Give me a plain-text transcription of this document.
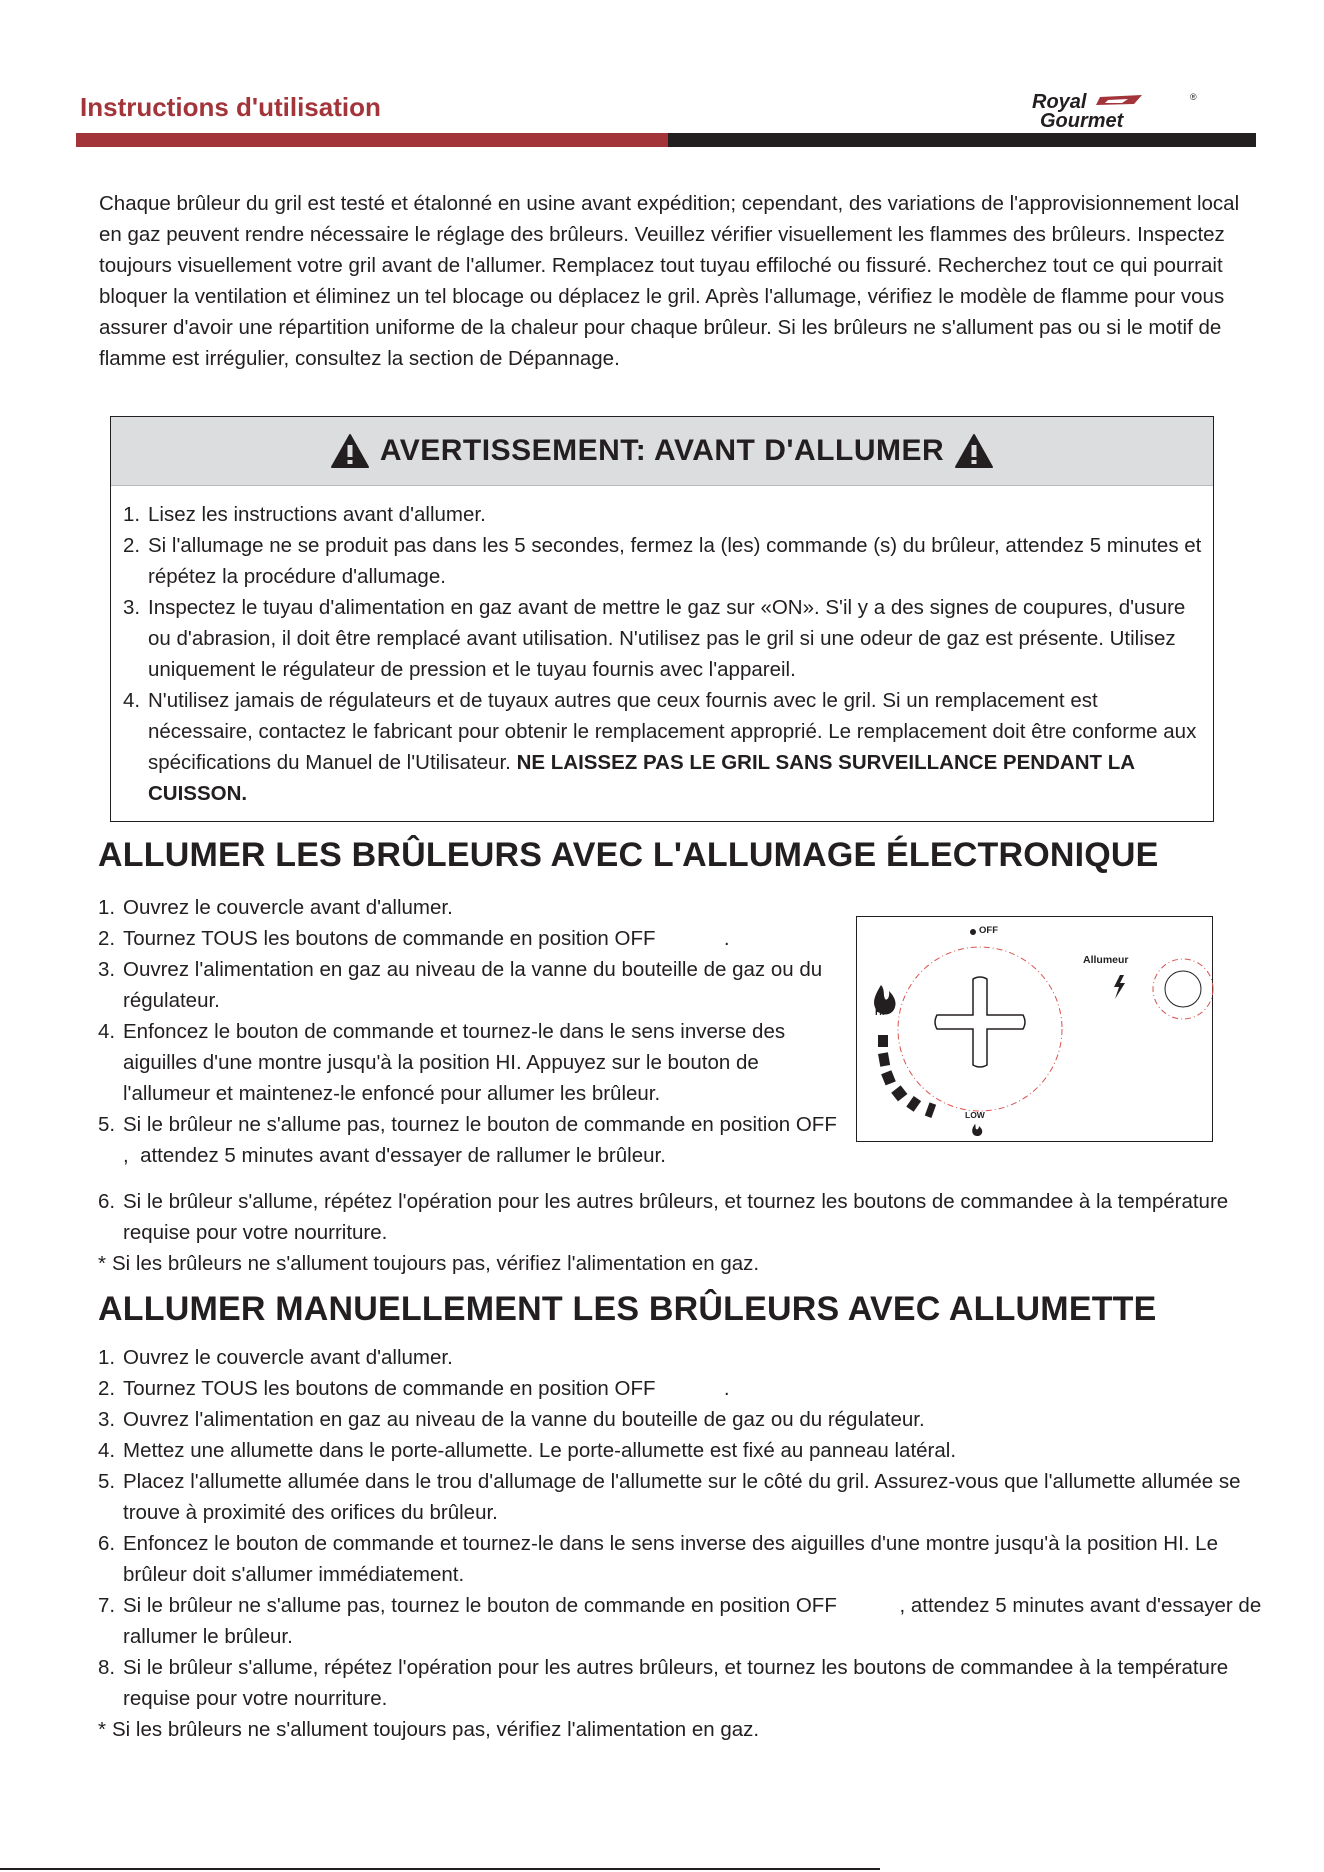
Instructions d'utilisation	Royal
Gourmet
®
Chaque brûleur du gril est testé et étalonné en usine avant expédition; cependant, des variations de l'approvisionnement local en gaz peuvent rendre nécessaire le réglage des brûleurs. Veuillez vérifier visuellement les flammes des brûleurs. Inspectez toujours visuellement votre gril avant de l'allumer. Remplacez tout tuyau effiloché ou fissuré. Recherchez tout ce qui pourrait bloquer la ventilation et éliminez un tel blocage ou déplacez le gril. Après l'allumage, vérifiez le modèle de flamme pour vous assurer d'avoir une répartition uniforme de la chaleur pour chaque brûleur. Si les brûleurs ne s'allument pas ou si le motif de flamme est irrégulier, consultez la section de Dépannage.
AVERTISSEMENT: AVANT D'ALLUMER
1. Lisez les instructions avant d'allumer.
2. Si l'allumage ne se produit pas dans les 5 secondes, fermez la (les) commande (s) du brûleur, attendez 5 minutes et répétez la procédure d'allumage.
3. Inspectez le tuyau d'alimentation en gaz avant de mettre le gaz sur «ON». S'il y a des signes de coupures, d'usure ou d'abrasion, il doit être remplacé avant utilisation. N'utilisez pas le gril si une odeur de gaz est présente. Utilisez uniquement le régulateur de pression et le tuyau fournis avec l'appareil.
4. N'utilisez jamais de régulateurs et de tuyaux autres que ceux fournis avec le gril. Si un remplacement est nécessaire, contactez le fabricant pour obtenir le remplacement approprié. Le remplacement doit être conforme aux spécifications du Manuel de l'Utilisateur. NE LAISSEZ PAS LE GRIL SANS SURVEILLANCE PENDANT LA CUISSON.
ALLUMER LES BRÛLEURS AVEC L'ALLUMAGE ÉLECTRONIQUE
1. Ouvrez le couvercle avant d'allumer.
2. Tournez TOUS les boutons de commande en position OFF            .
3. Ouvrez l'alimentation en gaz au niveau de la vanne du bouteille de gaz ou du régulateur.
4. Enfoncez le bouton de commande et tournez-le dans le sens inverse des aiguilles d'une montre jusqu'à la position HI. Appuyez sur le bouton de l'allumeur et maintenez-le enfoncé pour allumer les brûleur.
5. Si le brûleur ne s'allume pas, tournez le bouton de commande en position OFF           ,  attendez 5 minutes avant d'essayer de rallumer le brûleur.
OFF
HI
LOW
Allumeur
6. Si le brûleur s'allume, répétez l'opération pour les autres brûleurs, et tournez les boutons de commandee à la température requise pour votre nourriture.
* Si les brûleurs ne s'allument toujours pas, vérifiez l'alimentation en gaz.
ALLUMER MANUELLEMENT LES BRÛLEURS AVEC ALLUMETTE
1. Ouvrez le couvercle avant d'allumer.
2. Tournez TOUS les boutons de commande en position OFF            .
3. Ouvrez l'alimentation en gaz au niveau de la vanne du bouteille de gaz ou du régulateur.
4. Mettez une allumette dans le porte-allumette. Le porte-allumette est fixé au panneau latéral.
5. Placez l'allumette allumée dans le trou d'allumage de l'allumette sur le côté du gril. Assurez-vous que l'allumette allumée se trouve à proximité des orifices du brûleur.
6. Enfoncez le bouton de commande et tournez-le dans le sens inverse des aiguilles d'une montre jusqu'à la position HI. Le brûleur doit s'allumer immédiatement.
7. Si le brûleur ne s'allume pas, tournez le bouton de commande en position OFF           , attendez 5 minutes avant d'essayer de rallumer le brûleur.
8. Si le brûleur s'allume, répétez l'opération pour les autres brûleurs, et tournez les boutons de commandee à la température requise pour votre nourriture.
* Si les brûleurs ne s'allument toujours pas, vérifiez l'alimentation en gaz.
